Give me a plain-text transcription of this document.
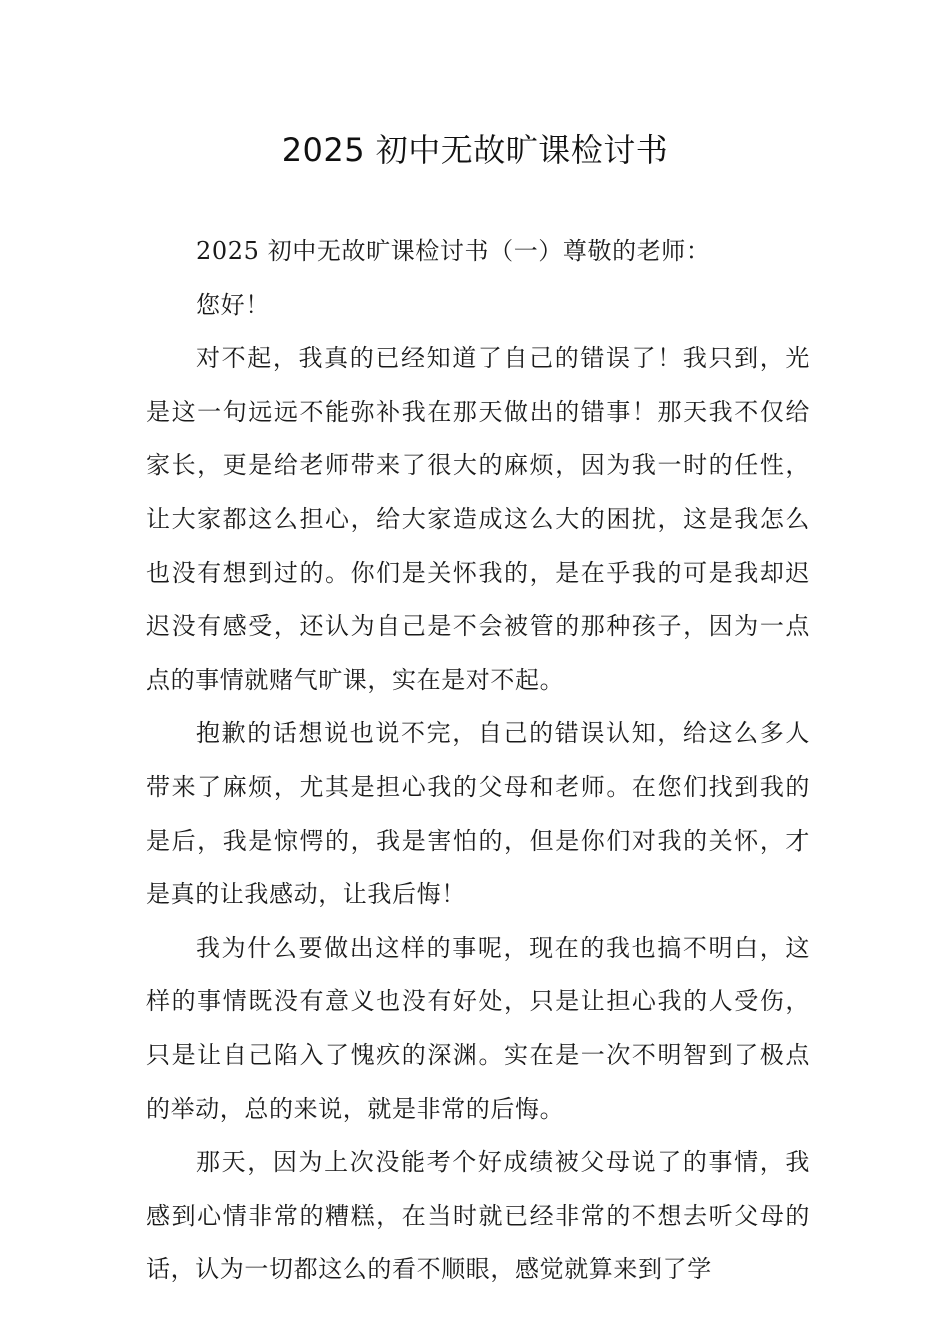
2025 初中无故旷课检讨书

2025 初中无故旷课检讨书（一）尊敬的老师：

您好！

对不起，我真的已经知道了自己的错误了！我只到，光是这一句远远不能弥补我在那天做出的错事！那天我不仅给家长，更是给老师带来了很大的麻烦，因为我一时的任性，让大家都这么担心，给大家造成这么大的困扰，这是我怎么也没有想到过的。你们是关怀我的，是在乎我的可是我却迟迟没有感受，还认为自己是不会被管的那种孩子，因为一点点的事情就赌气旷课，实在是对不起。

抱歉的话想说也说不完，自己的错误认知，给这么多人带来了麻烦，尤其是担心我的父母和老师。在您们找到我的是后，我是惊愕的，我是害怕的，但是你们对我的关怀，才是真的让我感动，让我后悔！

我为什么要做出这样的事呢，现在的我也搞不明白，这样的事情既没有意义也没有好处，只是让担心我的人受伤，只是让自己陷入了愧疚的深渊。实在是一次不明智到了极点的举动，总的来说，就是非常的后悔。

那天，因为上次没能考个好成绩被父母说了的事情，我感到心情非常的糟糕，在当时就已经非常的不想去听父母的话，认为一切都这么的看不顺眼，感觉就算来到了学
